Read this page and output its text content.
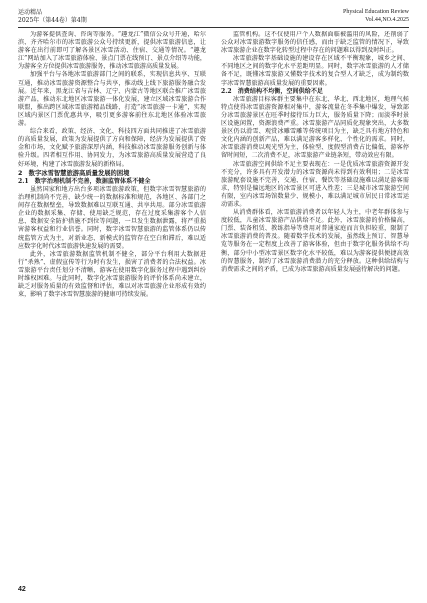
运动精品
2025年（第44卷）第4期
Physical Education Review
Vol.44,NO.4.2025

为游客提供查询、咨询等服务。“趣龙江”微信公众号开通，哈尔滨、齐齐哈尔市的冰雪旅游公众号持续更新，提供冰雪旅游信息，让游客在出行前即可了解各景区冰雪活动、住宿、交通等情况。“趣龙江”网站加入了冰雪旅游体验、景点门票在线预订、景点介绍等功能，为游客全方位提供冰雪旅游服务，推动冰雪旅游高质量发展。

加强平台与各地冰雪旅游部门之间的联系，实现信息共享、互联互通，推动冰雪旅游资源整合与共享，推动线上线下旅游服务融合发展。近年来，黑龙江省与吉林、辽宁、内蒙古等地区联合推广冰雪旅游产品，推动东北地区冰雪旅游一体化发展，建立区域冰雪旅游合作联盟，推出跨区域冰雪旅游精品线路，打造“冰雪旅游一卡通”，实现区域内景区门票优惠共享，吸引更多游客前往东北地区体验冰雪旅游。

综合来看，政策、经济、文化、科技四方面共同推进了冰雪旅游的高质量发展，政策为发展提供了方向和保障，经济为发展提供了资金和市场，文化赋予旅游深厚内涵，科技推动冰雪旅游服务创新与体验升级。四者相互作用、协同发力，为冰雪旅游高质量发展营造了良好环境，构建了冰雪旅游发展的新格局。

2　数字冰雪智慧旅游高质量发展的困境
2.1　数字治理机制不完善，数据监管体系不健全

虽然国家和地方出台多项冰雪旅游政策，但数字冰雪智慧旅游的治理机制尚不完善，缺少统一的数据标准和规范，各地区、各部门之间存在数据壁垒，导致数据难以互联互通、共享共用。部分冰雪旅游企业的数据采集、存储、使用缺乏规范，存在过度采集游客个人信息、数据安全防护措施不到位等问题，一旦发生数据泄露，将严重损害游客权益和行业信誉。同时，数字冰雪智慧旅游的监管体系仍以传统监管方式为主，对新业态、新模式的监管存在空白和滞后，难以适应数字化时代冰雪旅游快速发展的需要。

此外，冰雪旅游数据监管机制不健全，部分平台利用大数据进行“杀熟”、虚假宣传等行为时有发生，损害了消费者的合法权益。冰雪旅游平台责任划分不清晰，游客在使用数字化服务过程中遇到纠纷时维权困难。与此同时，数字化冰雪旅游服务的评价体系尚未建立，缺乏对服务质量的有效监督和评估，难以对冰雪旅游企业形成有效约束，影响了数字冰雪智慧旅游的健康可持续发展。

监管机构。这不仅使用户个人数据面临被滥用的风险，还削弱了公众对冰雪旅游数字服务的信任感，而由于缺乏监管的情况下，导致冰雪旅游企业在数字化转型过程中存在的问题难以得到及时纠正。

冰雪旅游数字基础设施的建设存在区域不平衡现象，城乡之间、不同地区之间的数字化水平差距明显。同时，数字冰雪旅游的人才储备不足，既懂冰雪旅游又懂数字技术的复合型人才缺乏，成为制约数字冰雪智慧旅游高质量发展的重要因素。

2.2　消费结构不均衡，空间供给不足

冰雪旅游目标客群主要集中在东北、华北、西北地区，地理气候特点使得冰雪旅游资源相对集中，游客流量在冬季集中爆发，导致部分冰雪旅游景区在旺季时接待压力巨大，服务质量下降；而淡季时景区设施闲置，资源浪费严重。冰雪旅游产品同质化现象突出，大多数景区仍以滑雪、观赏冰雕雪雕等传统项目为主，缺乏具有地方特色和文化内涵的创新产品，难以满足游客多样化、个性化的需求。同时，冰雪旅游消费以观光型为主，体验型、度假型消费占比偏低，游客停留时间短，二次消费不足，冰雪旅游产业链条短，带动效应有限。

冰雪旅游空间供给不足主要表现在：一是优质冰雪旅游资源开发不充分，许多具有开发潜力的冰雪资源尚未得到有效利用；二是冰雪旅游配套设施不完善，交通、住宿、餐饮等基础设施难以满足游客需求，特别是偏远地区的冰雪景区可进入性差；三是城市冰雪旅游空间有限，室内冰雪场馆数量少、规模小，难以满足城市居民日常冰雪运动需求。

从消费群体看，冰雪旅游消费者以年轻人为主，中老年群体参与度较低，儿童冰雪旅游产品供给不足。此外，冰雪旅游的价格偏高，门票、装备租赁、教练指导等费用对普通家庭而言负担较重，限制了冰雪旅游消费的普及。随着数字技术的发展，虽然线上预订、智慧导览等服务在一定程度上改善了游客体验，但由于数字化服务供给不均衡，部分中小型冰雪景区数字化水平较低，难以为游客提供便捷高效的智慧服务，制约了冰雪旅游消费潜力的充分释放。这种供给结构与消费需求之间的矛盾，已成为冰雪旅游高质量发展亟待解决的问题。

42
